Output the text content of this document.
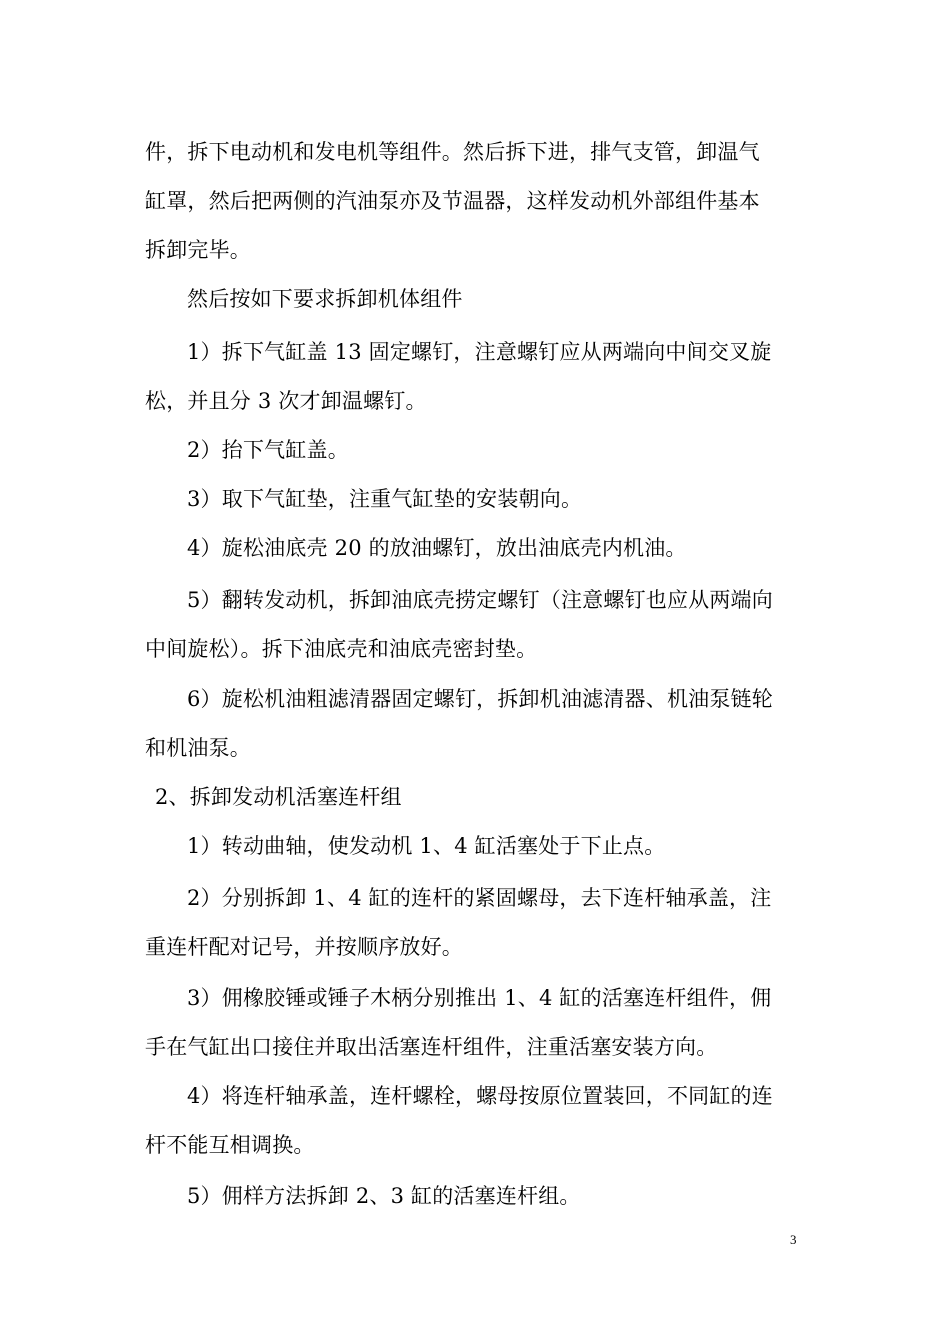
件，拆下电动机和发电机等组件。然后拆下进，排气支管，卸温气
缸罩，然后把两侧的汽油泵亦及节温器，这样发动机外部组件基本
拆卸完毕。
然后按如下要求拆卸机体组件
1）拆下气缸盖 13 固定螺钉，注意螺钉应从两端向中间交叉旋
松，并且分 3 次才卸温螺钉。
2）抬下气缸盖。
3）取下气缸垫，注重气缸垫的安装朝向。
4）旋松油底壳 20 的放油螺钉，放出油底壳内机油。
5）翻转发动机，拆卸油底壳捞定螺钉（注意螺钉也应从两端向
中间旋松）。拆下油底壳和油底壳密封垫。
6）旋松机油粗滤清器固定螺钉，拆卸机油滤清器、机油泵链轮
和机油泵。
2、拆卸发动机活塞连杆组
1）转动曲轴，使发动机 1、4 缸活塞处于下止点。
2）分别拆卸 1、4 缸的连杆的紧固螺母，去下连杆轴承盖，注
重连杆配对记号，并按顺序放好。
3）佣橡胶锤或锤子木柄分别推出 1、4 缸的活塞连杆组件，佣
手在气缸出口接住并取出活塞连杆组件，注重活塞安装方向。
4）将连杆轴承盖，连杆螺栓，螺母按原位置装回，不同缸的连
杆不能互相调换。
5）佣样方法拆卸 2、3 缸的活塞连杆组。
3
